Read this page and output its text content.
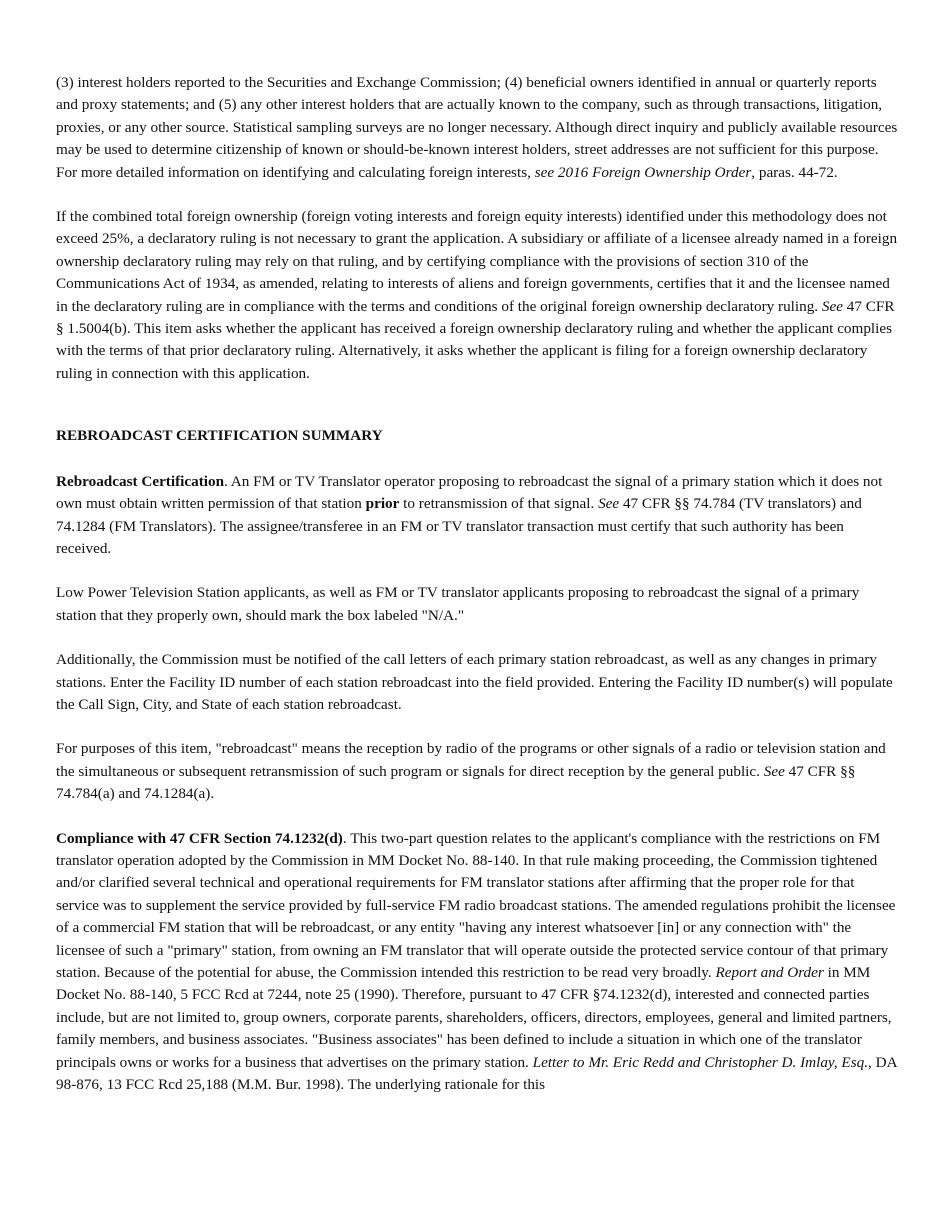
(3) interest holders reported to the Securities and Exchange Commission; (4) beneficial owners identified in annual or quarterly reports and proxy statements; and (5) any other interest holders that are actually known to the company, such as through transactions, litigation, proxies, or any other source. Statistical sampling surveys are no longer necessary. Although direct inquiry and publicly available resources may be used to determine citizenship of known or should-be-known interest holders, street addresses are not sufficient for this purpose. For more detailed information on identifying and calculating foreign interests, see 2016 Foreign Ownership Order, paras. 44-72.

If the combined total foreign ownership (foreign voting interests and foreign equity interests) identified under this methodology does not exceed 25%, a declaratory ruling is not necessary to grant the application. A subsidiary or affiliate of a licensee already named in a foreign ownership declaratory ruling may rely on that ruling, and by certifying compliance with the provisions of section 310 of the Communications Act of 1934, as amended, relating to interests of aliens and foreign governments, certifies that it and the licensee named in the declaratory ruling are in compliance with the terms and conditions of the original foreign ownership declaratory ruling. See 47 CFR § 1.5004(b). This item asks whether the applicant has received a foreign ownership declaratory ruling and whether the applicant complies with the terms of that prior declaratory ruling. Alternatively, it asks whether the applicant is filing for a foreign ownership declaratory ruling in connection with this application.

REBROADCAST CERTIFICATION SUMMARY

Rebroadcast Certification. An FM or TV Translator operator proposing to rebroadcast the signal of a primary station which it does not own must obtain written permission of that station prior to retransmission of that signal. See 47 CFR §§ 74.784 (TV translators) and 74.1284 (FM Translators). The assignee/transferee in an FM or TV translator transaction must certify that such authority has been received.

Low Power Television Station applicants, as well as FM or TV translator applicants proposing to rebroadcast the signal of a primary station that they properly own, should mark the box labeled "N/A."

Additionally, the Commission must be notified of the call letters of each primary station rebroadcast, as well as any changes in primary stations. Enter the Facility ID number of each station rebroadcast into the field provided. Entering the Facility ID number(s) will populate the Call Sign, City, and State of each station rebroadcast.

For purposes of this item, "rebroadcast" means the reception by radio of the programs or other signals of a radio or television station and the simultaneous or subsequent retransmission of such program or signals for direct reception by the general public. See 47 CFR §§ 74.784(a) and 74.1284(a).

Compliance with 47 CFR Section 74.1232(d). This two-part question relates to the applicant's compliance with the restrictions on FM translator operation adopted by the Commission in MM Docket No. 88-140. In that rule making proceeding, the Commission tightened and/or clarified several technical and operational requirements for FM translator stations after affirming that the proper role for that service was to supplement the service provided by full-service FM radio broadcast stations. The amended regulations prohibit the licensee of a commercial FM station that will be rebroadcast, or any entity "having any interest whatsoever [in] or any connection with" the licensee of such a "primary" station, from owning an FM translator that will operate outside the protected service contour of that primary station. Because of the potential for abuse, the Commission intended this restriction to be read very broadly. Report and Order in MM Docket No. 88-140, 5 FCC Rcd at 7244, note 25 (1990). Therefore, pursuant to 47 CFR §74.1232(d), interested and connected parties include, but are not limited to, group owners, corporate parents, shareholders, officers, directors, employees, general and limited partners, family members, and business associates. "Business associates" has been defined to include a situation in which one of the translator principals owns or works for a business that advertises on the primary station. Letter to Mr. Eric Redd and Christopher D. Imlay, Esq., DA 98-876, 13 FCC Rcd 25,188 (M.M. Bur. 1998). The underlying rationale for this
